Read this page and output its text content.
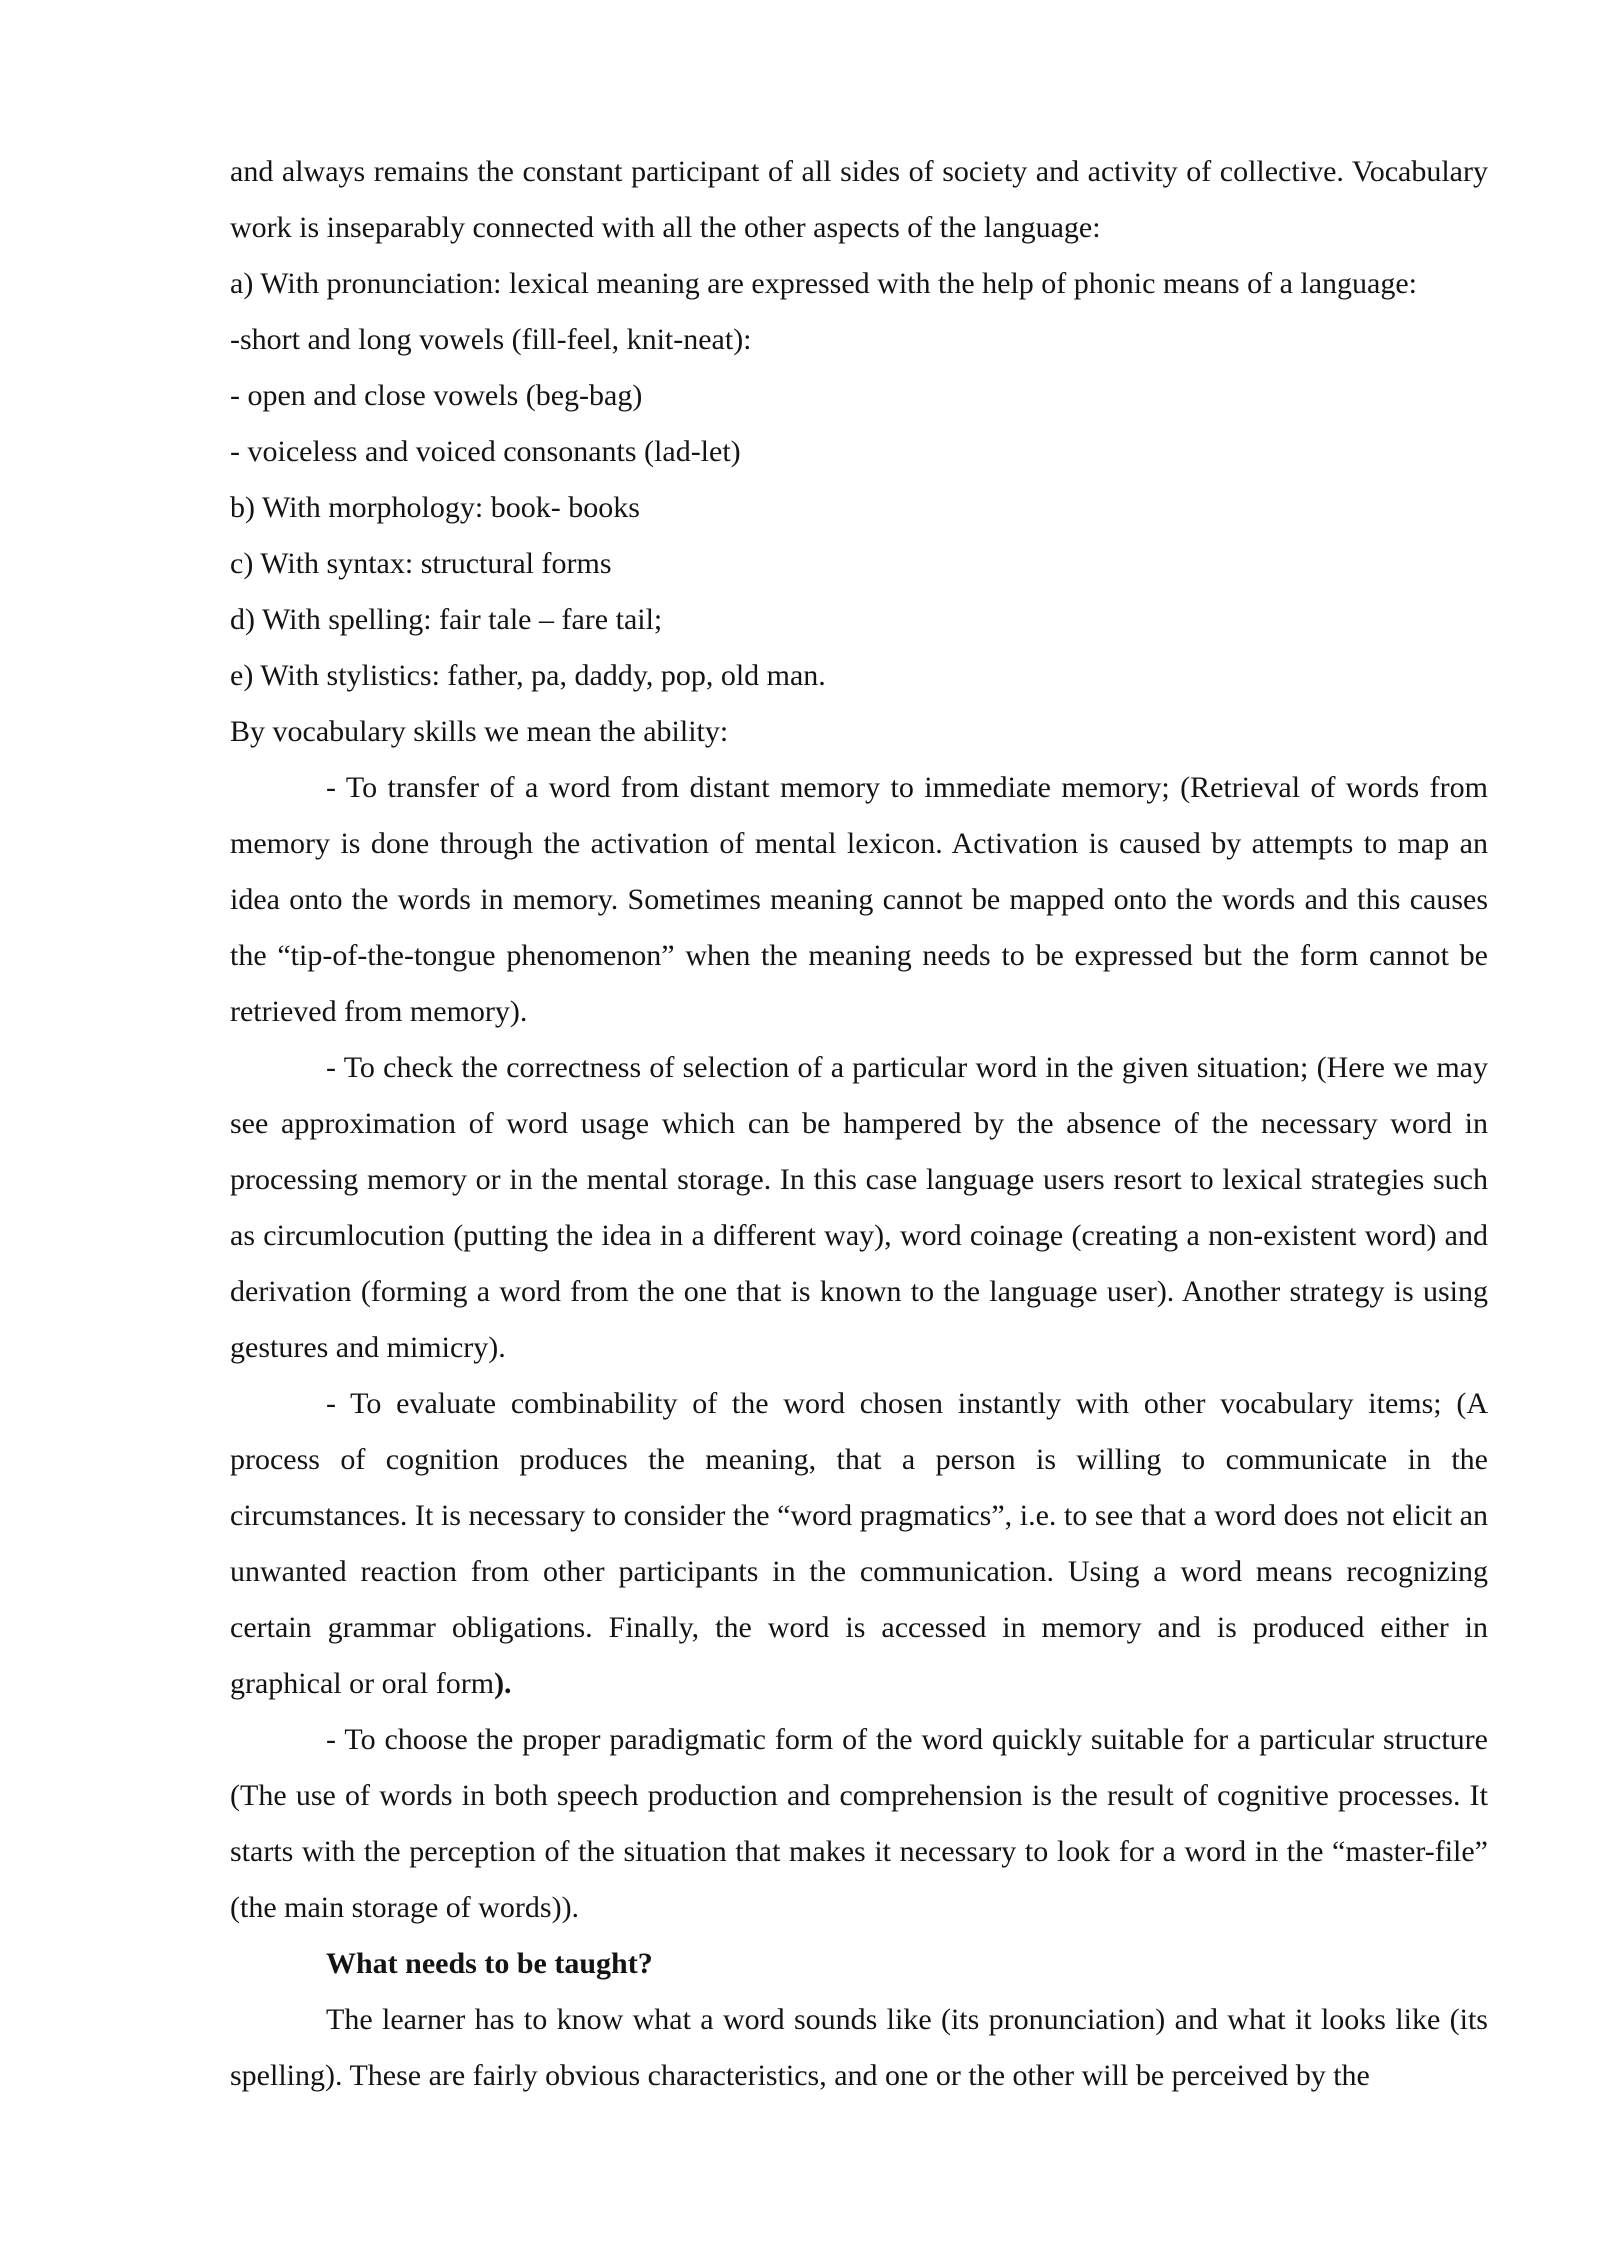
and always remains the constant participant of all sides of society and activity of collective. Vocabulary work is inseparably connected with all the other aspects of the language:

a) With pronunciation: lexical meaning are expressed with the help of phonic means of a language:

-short and long vowels (fill-feel, knit-neat):

- open and close vowels (beg-bag)

- voiceless and voiced consonants (lad-let)

b) With morphology: book- books

c) With syntax: structural forms

d) With spelling: fair tale – fare tail;

e) With stylistics: father, pa, daddy, pop, old man.

By vocabulary skills we mean the ability:

- To transfer of a word from distant memory to immediate memory; (Retrieval of words from memory is done through the activation of mental lexicon. Activation is caused by attempts to map an idea onto the words in memory. Sometimes meaning cannot be mapped onto the words and this causes the “tip-of-the-tongue phenomenon” when the meaning needs to be expressed but the form cannot be retrieved from memory).

- To check the correctness of selection of a particular word in the given situation; (Here we may see approximation of word usage which can be hampered by the absence of the necessary word in processing memory or in the mental storage. In this case language users resort to lexical strategies such as circumlocution (putting the idea in a different way), word coinage (creating a non-existent word) and derivation (forming a word from the one that is known to the language user). Another strategy is using gestures and mimicry).

- To evaluate combinability of the word chosen instantly with other vocabulary items; (A process of cognition produces the meaning, that a person is willing to communicate in the circumstances. It is necessary to consider the “word pragmatics”, i.e. to see that a word does not elicit an unwanted reaction from other participants in the communication. Using a word means recognizing certain grammar obligations. Finally, the word is accessed in memory and is produced either in graphical or oral form).

- To choose the proper paradigmatic form of the word quickly suitable for a particular structure (The use of words in both speech production and comprehension is the result of cognitive processes. It starts with the perception of the situation that makes it necessary to look for a word in the “master-file” (the main storage of words)).

What needs to be taught?

The learner has to know what a word sounds like (its pronunciation) and what it looks like (its spelling). These are fairly obvious characteristics, and one or the other will be perceived by the
